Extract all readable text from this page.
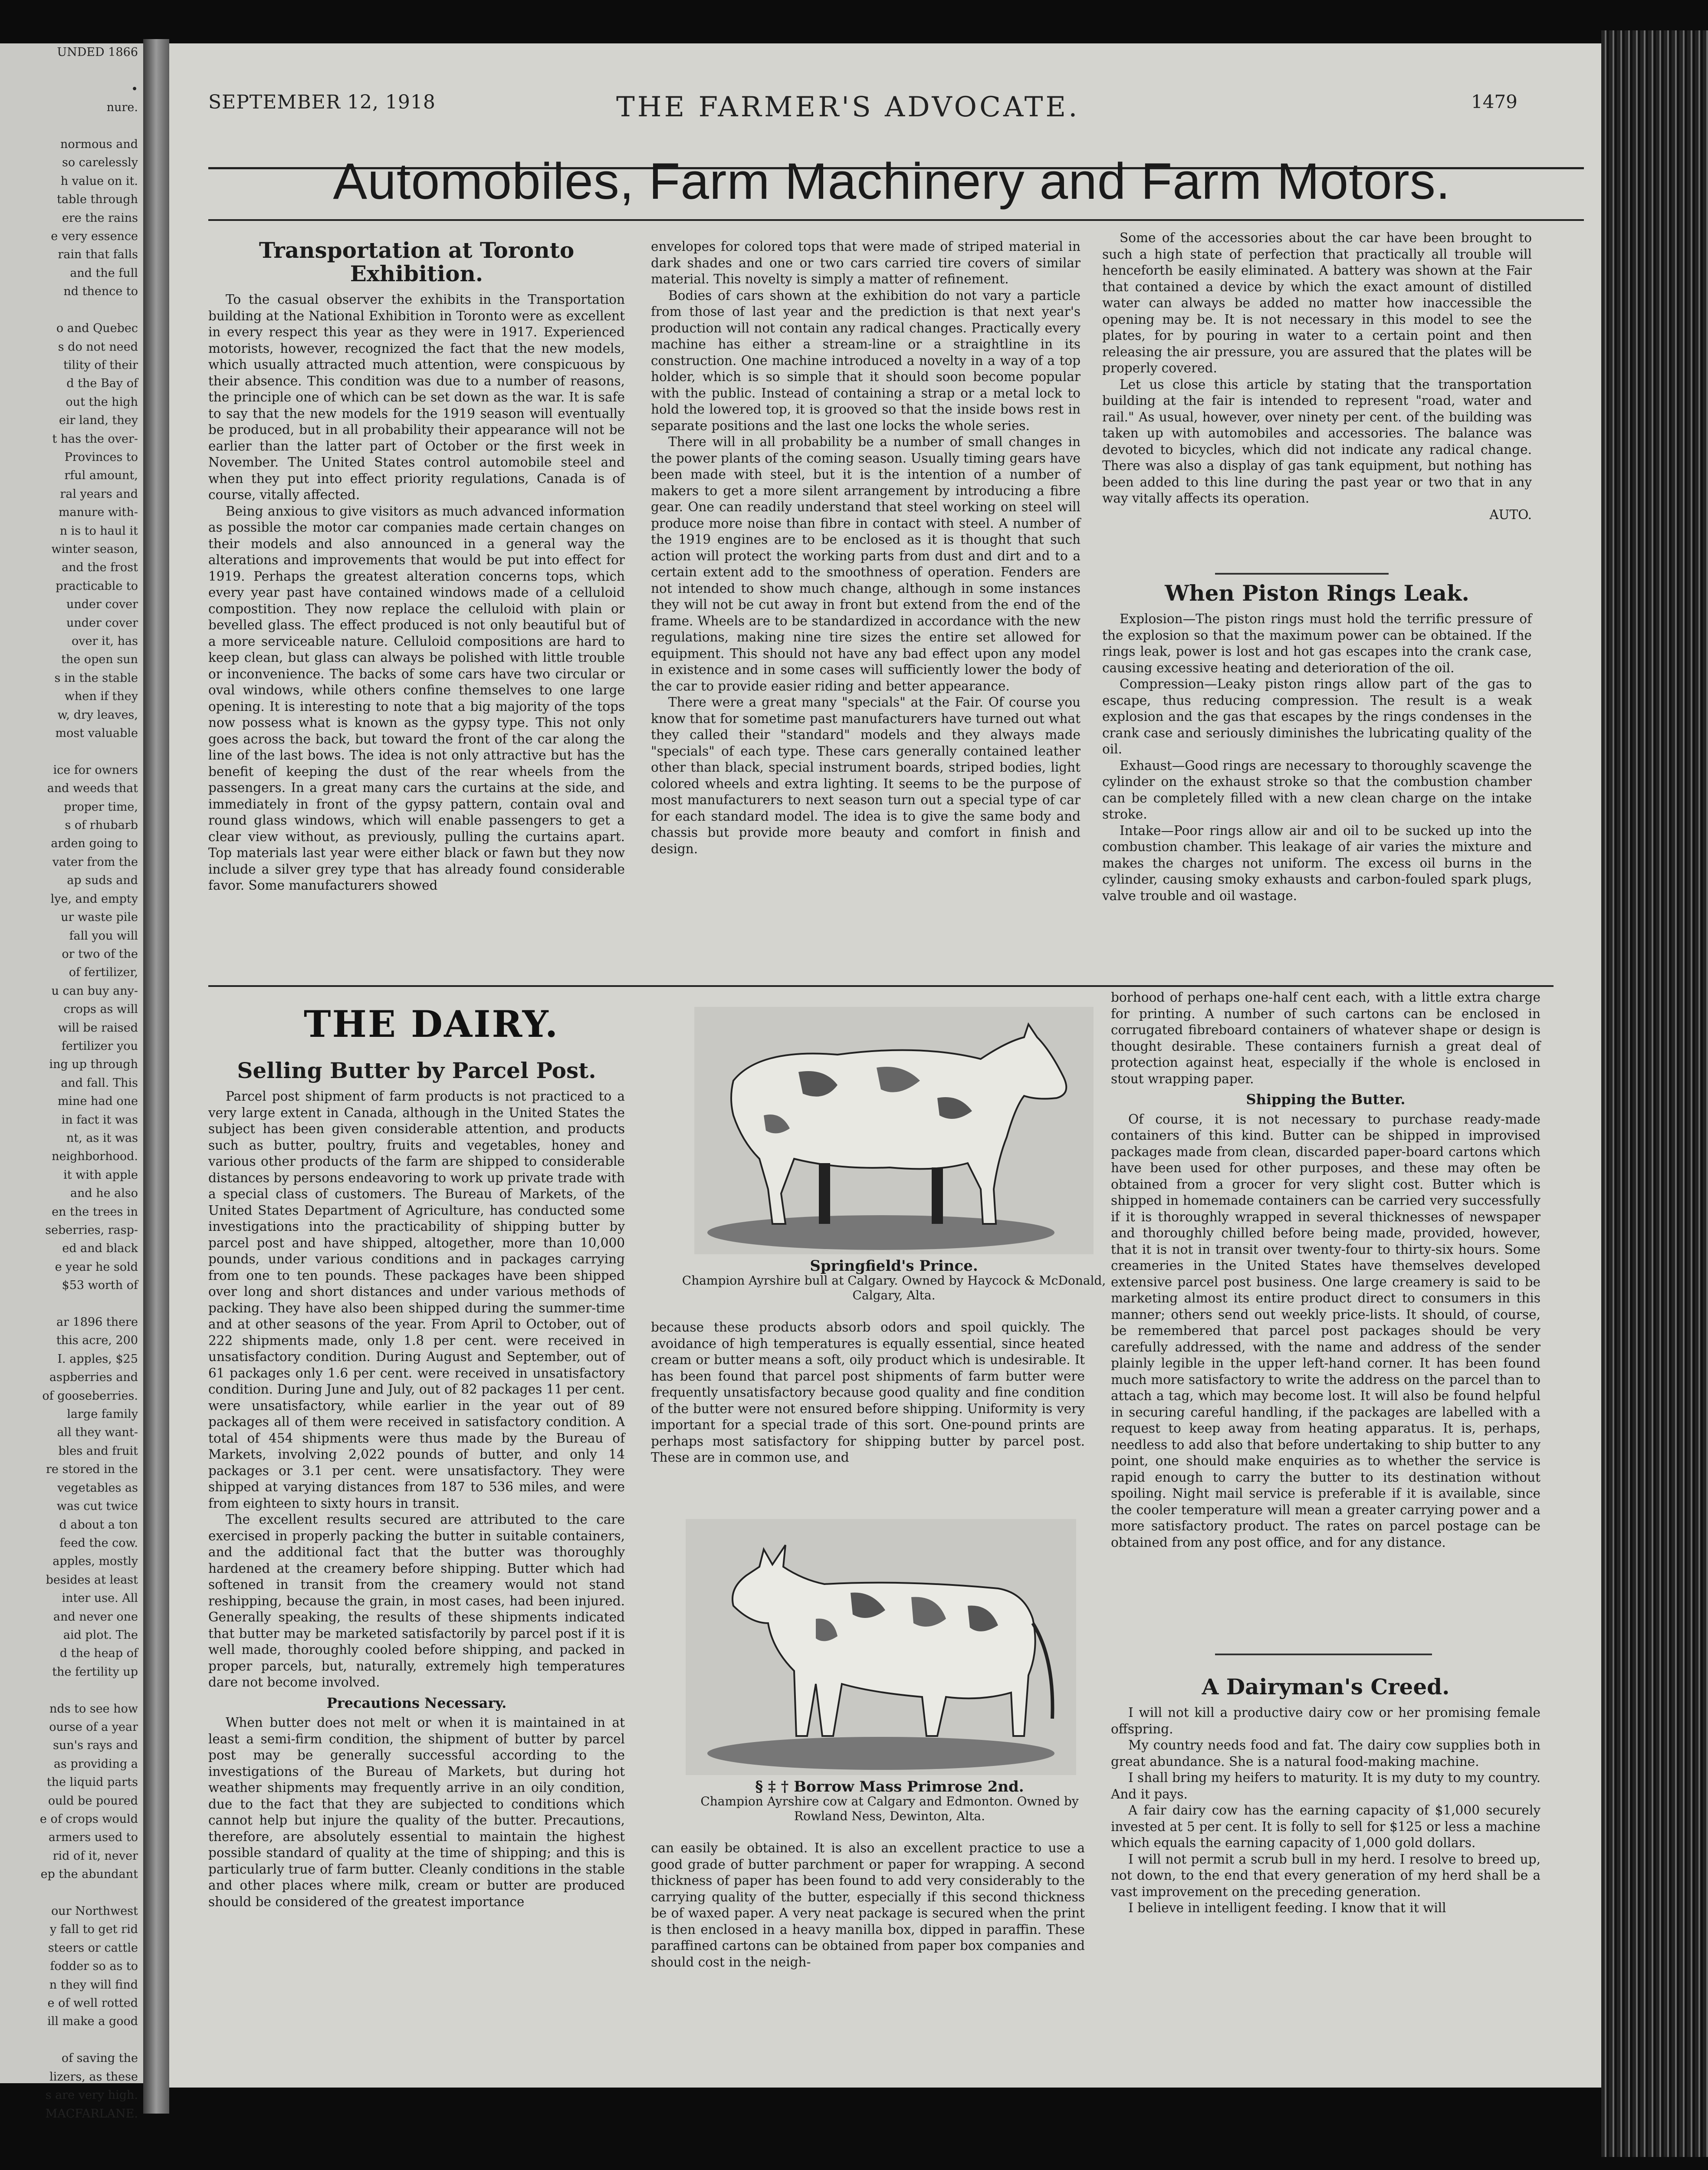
UNDED 1866

•
nure.

normous and
so carelessly
h value on it.
table through
ere the rains
e very essence
rain that falls
and the full
nd thence to

o and Quebec
s do not need
tility of their
d the Bay of
out the high
eir land, they
t has the over-
Provinces to
rful amount,
ral years and
manure with-
n is to haul it
winter season,
and the frost
practicable to
under cover
under cover
over it, has
the open sun
s in the stable
when if they
w, dry leaves,
most valuable

ice for owners
and weeds that
proper time,
s of rhubarb
arden going to
vater from the
ap suds and
lye, and empty
ur waste pile
fall you will
or two of the
of fertilizer,
u can buy any-
crops as will
will be raised
fertilizer you
ing up through
and fall. This
mine had one
in fact it was
nt, as it was
neighborhood.
it with apple
and he also
en the trees in
seberries, rasp-
ed and black
e year he sold
$53 worth of

ar 1896 there
this acre, 200
I. apples, $25
aspberries and
of gooseberries.
large family
all they want-
bles and fruit
re stored in the
vegetables as
was cut twice
d about a ton
feed the cow.
apples, mostly
besides at least
inter use. All
and never one
aid plot. The
d the heap of
the fertility up

nds to see how
ourse of a year
sun's rays and
as providing a
the liquid parts
ould be poured
e of crops would
armers used to
rid of it, never
ep the abundant

our Northwest
y fall to get rid
steers or cattle
fodder so as to
n they will find
e of well rotted
ill make a good

of saving the
lizers, as these
s are very high.
MACFARLANE.
SEPTEMBER 12, 1918	THE FARMER'S ADVOCATE.	1479
Automobiles, Farm Machinery and Farm Motors.
Transportation at Toronto Exhibition.

To the casual observer the exhibits in the Transportation building at the National Exhibition in Toronto were as excellent in every respect this year as they were in 1917. Experienced motorists, however, recognized the fact that the new models, which usually attracted much attention, were conspicuous by their absence. This condition was due to a number of reasons, the principle one of which can be set down as the war. It is safe to say that the new models for the 1919 season will eventually be produced, but in all probability their appearance will not be earlier than the latter part of October or the first week in November. The United States control automobile steel and when they put into effect priority regulations, Canada is of course, vitally affected.

Being anxious to give visitors as much advanced information as possible the motor car companies made certain changes on their models and also announced in a general way the alterations and improvements that would be put into effect for 1919. Perhaps the greatest alteration concerns tops, which every year past have contained windows made of a celluloid compostition. They now replace the celluloid with plain or bevelled glass. The effect produced is not only beautiful but of a more serviceable nature. Celluloid compositions are hard to keep clean, but glass can always be polished with little trouble or inconvenience. The backs of some cars have two circular or oval windows, while others confine themselves to one large opening. It is interesting to note that a big majority of the tops now possess what is known as the gypsy type. This not only goes across the back, but toward the front of the car along the line of the last bows. The idea is not only attractive but has the benefit of keeping the dust of the rear wheels from the passengers. In a great many cars the curtains at the side, and immediately in front of the gypsy pattern, contain oval and round glass windows, which will enable passengers to get a clear view without, as previously, pulling the curtains apart. Top materials last year were either black or fawn but they now include a silver grey type that has already found considerable favor. Some manufacturers showed

envelopes for colored tops that were made of striped material in dark shades and one or two cars carried tire covers of similar material. This novelty is simply a matter of refinement.

Bodies of cars shown at the exhibition do not vary a particle from those of last year and the prediction is that next year's production will not contain any radical changes. Practically every machine has either a stream-line or a straightline in its construction. One machine introduced a novelty in a way of a top holder, which is so simple that it should soon become popular with the public. Instead of containing a strap or a metal lock to hold the lowered top, it is grooved so that the inside bows rest in separate positions and the last one locks the whole series.

There will in all probability be a number of small changes in the power plants of the coming season. Usually timing gears have been made with steel, but it is the intention of a number of makers to get a more silent arrangement by introducing a fibre gear. One can readily understand that steel working on steel will produce more noise than fibre in contact with steel. A number of the 1919 engines are to be enclosed as it is thought that such action will protect the working parts from dust and dirt and to a certain extent add to the smoothness of operation. Fenders are not intended to show much change, although in some instances they will not be cut away in front but extend from the end of the frame. Wheels are to be standardized in accordance with the new regulations, making nine tire sizes the entire set allowed for equipment. This should not have any bad effect upon any model in existence and in some cases will sufficiently lower the body of the car to provide easier riding and better appearance.

There were a great many "specials" at the Fair. Of course you know that for sometime past manufacturers have turned out what they called their "standard" models and they always made "specials" of each type. These cars generally contained leather other than black, special instrument boards, striped bodies, light colored wheels and extra lighting. It seems to be the purpose of most manufacturers to next season turn out a special type of car for each standard model. The idea is to give the same body and chassis but provide more beauty and comfort in finish and design.

Some of the accessories about the car have been brought to such a high state of perfection that practically all trouble will henceforth be easily eliminated. A battery was shown at the Fair that contained a device by which the exact amount of distilled water can always be added no matter how inaccessible the opening may be. It is not necessary in this model to see the plates, for by pouring in water to a certain point and then releasing the air pressure, you are assured that the plates will be properly covered.

Let us close this article by stating that the transportation building at the fair is intended to represent "road, water and rail." As usual, however, over ninety per cent. of the building was taken up with automobiles and accessories. The balance was devoted to bicycles, which did not indicate any radical change. There was also a display of gas tank equipment, but nothing has been added to this line during the past year or two that in any way vitally affects its operation.

AUTO.
When Piston Rings Leak.

Explosion—The piston rings must hold the terrific pressure of the explosion so that the maximum power can be obtained. If the rings leak, power is lost and hot gas escapes into the crank case, causing excessive heating and deterioration of the oil.

Compression—Leaky piston rings allow part of the gas to escape, thus reducing compression. The result is a weak explosion and the gas that escapes by the rings condenses in the crank case and seriously diminishes the lubricating quality of the oil.

Exhaust—Good rings are necessary to thoroughly scavenge the cylinder on the exhaust stroke so that the combustion chamber can be completely filled with a new clean charge on the intake stroke.

Intake—Poor rings allow air and oil to be sucked up into the combustion chamber. This leakage of air varies the mixture and makes the charges not uniform. The excess oil burns in the cylinder, causing smoky exhausts and carbon-fouled spark plugs, valve trouble and oil wastage.

THE DAIRY.
Selling Butter by Parcel Post.

Parcel post shipment of farm products is not practiced to a very large extent in Canada, although in the United States the subject has been given considerable attention, and products such as butter, poultry, fruits and vegetables, honey and various other products of the farm are shipped to considerable distances by persons endeavoring to work up private trade with a special class of customers. The Bureau of Markets, of the United States Department of Agriculture, has conducted some investigations into the practicability of shipping butter by parcel post and have shipped, altogether, more than 10,000 pounds, under various conditions and in packages carrying from one to ten pounds. These packages have been shipped over long and short distances and under various methods of packing. They have also been shipped during the summer-time and at other seasons of the year. From April to October, out of 222 shipments made, only 1.8 per cent. were received in unsatisfactory condition. During August and September, out of 61 packages only 1.6 per cent. were received in unsatisfactory condition. During June and July, out of 82 packages 11 per cent. were unsatisfactory, while earlier in the year out of 89 packages all of them were received in satisfactory condition. A total of 454 shipments were thus made by the Bureau of Markets, involving 2,022 pounds of butter, and only 14 packages or 3.1 per cent. were unsatisfactory. They were shipped at varying distances from 187 to 536 miles, and were from eighteen to sixty hours in transit.

The excellent results secured are attributed to the care exercised in properly packing the butter in suitable containers, and the additional fact that the butter was thoroughly hardened at the creamery before shipping. Butter which had softened in transit from the creamery would not stand reshipping, because the grain, in most cases, had been injured. Generally speaking, the results of these shipments indicated that butter may be marketed satisfactorily by parcel post if it is well made, thoroughly cooled before shipping, and packed in proper parcels, but, naturally, extremely high temperatures dare not become involved.

Precautions Necessary.

When butter does not melt or when it is maintained in at least a semi-firm condition, the shipment of butter by parcel post may be generally successful according to the investigations of the Bureau of Markets, but during hot weather shipments may frequently arrive in an oily condition, due to the fact that they are subjected to conditions which cannot help but injure the quality of the butter. Precautions, therefore, are absolutely essential to maintain the highest possible standard of quality at the time of shipping; and this is particularly true of farm butter. Cleanly conditions in the stable and other places where milk, cream or butter are produced should be considered of the greatest importance

Springfield's Prince.
Champion Ayrshire bull at Calgary. Owned by Haycock & McDonald, Calgary, Alta.

because these products absorb odors and spoil quickly. The avoidance of high temperatures is equally essential, since heated cream or butter means a soft, oily product which is undesirable. It has been found that parcel post shipments of farm butter were frequently unsatisfactory because good quality and fine condition of the butter were not ensured before shipping. Uniformity is very important for a special trade of this sort. One-pound prints are perhaps most satisfactory for shipping butter by parcel post. These are in common use, and

§ ‡ † Borrow Mass Primrose 2nd.
Champion Ayrshire cow at Calgary and Edmonton. Owned by Rowland Ness, Dewinton, Alta.

can easily be obtained. It is also an excellent practice to use a good grade of butter parchment or paper for wrapping. A second thickness of paper has been found to add very considerably to the carrying quality of the butter, especially if this second thickness be of waxed paper. A very neat package is secured when the print is then enclosed in a heavy manilla box, dipped in paraffin. These paraffined cartons can be obtained from paper box companies and should cost in the neigh-

borhood of perhaps one-half cent each, with a little extra charge for printing. A number of such cartons can be enclosed in corrugated fibreboard containers of whatever shape or design is thought desirable. These containers furnish a great deal of protection against heat, especially if the whole is enclosed in stout wrapping paper.

Shipping the Butter.

Of course, it is not necessary to purchase ready-made containers of this kind. Butter can be shipped in improvised packages made from clean, discarded paper-board cartons which have been used for other purposes, and these may often be obtained from a grocer for very slight cost. Butter which is shipped in homemade containers can be carried very successfully if it is thoroughly wrapped in several thicknesses of newspaper and thoroughly chilled before being made, provided, however, that it is not in transit over twenty-four to thirty-six hours. Some creameries in the United States have themselves developed extensive parcel post business. One large creamery is said to be marketing almost its entire product direct to consumers in this manner; others send out weekly price-lists. It should, of course, be remembered that parcel post packages should be very carefully addressed, with the name and address of the sender plainly legible in the upper left-hand corner. It has been found much more satisfactory to write the address on the parcel than to attach a tag, which may become lost. It will also be found helpful in securing careful handling, if the packages are labelled with a request to keep away from heating apparatus. It is, perhaps, needless to add also that before undertaking to ship butter to any point, one should make enquiries as to whether the service is rapid enough to carry the butter to its destination without spoiling. Night mail service is preferable if it is available, since the cooler temperature will mean a greater carrying power and a more satisfactory product. The rates on parcel postage can be obtained from any post office, and for any distance.

A Dairyman's Creed.

I will not kill a productive dairy cow or her promising female offspring.

My country needs food and fat. The dairy cow supplies both in great abundance. She is a natural food-making machine.

I shall bring my heifers to maturity. It is my duty to my country. And it pays.

A fair dairy cow has the earning capacity of $1,000 securely invested at 5 per cent. It is folly to sell for $125 or less a machine which equals the earning capacity of 1,000 gold dollars.

I will not permit a scrub bull in my herd. I resolve to breed up, not down, to the end that every generation of my herd shall be a vast improvement on the preceding generation.

I believe in intelligent feeding. I know that it will
